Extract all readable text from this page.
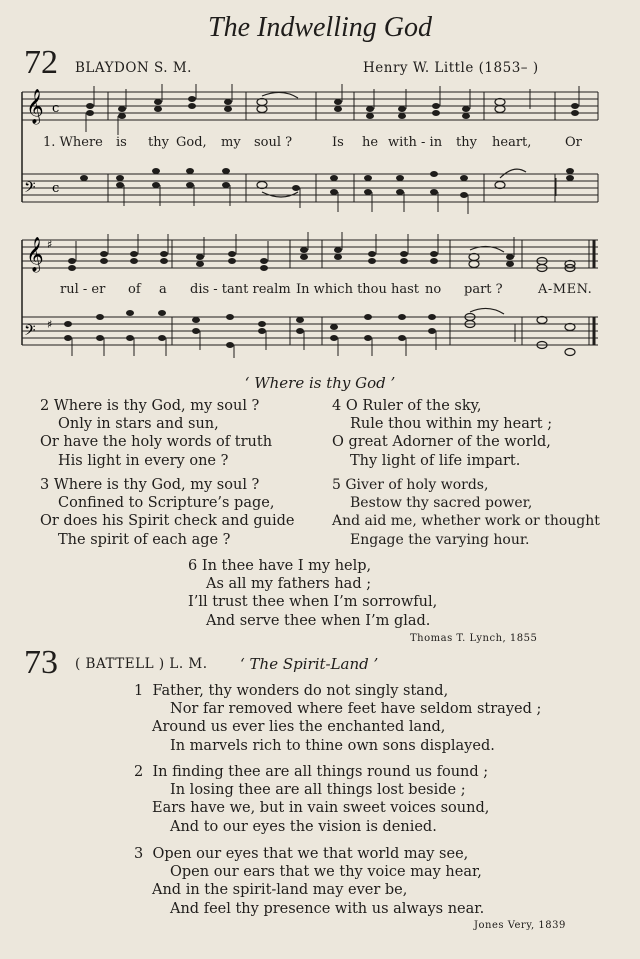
The Indwelling God
72 BLAYDON S. M.	Henry W. Little (1853– )
𝄞 c
𝄢 c
1. Where is thy God, my soul ?	Is he with - in thy heart,	Or
𝄞 ♯
𝄢 ♯
rul - er of a dis - tant realm In which thou hast no part ?	A-MEN.
‘ Where is thy God ’
2 Where is thy God, my soul ?
Only in stars and sun,
Or have the holy words of truth
His light in every one ?
3 Where is thy God, my soul ?
Confined to Scripture’s page,
Or does his Spirit check and guide
The spirit of each age ?
4 O Ruler of the sky,
Rule thou within my heart ;
O great Adorner of the world,
Thy light of life impart.
5 Giver of holy words,
Bestow thy sacred power,
And aid me, whether work or thought
Engage the varying hour.
6 In thee have I my help,
As all my fathers had ;
I’ll trust thee when I’m sorrowful,
And serve thee when I’m glad.
Thomas T. Lynch, 1855
73 ( BATTELL ) L. M. ‘ The Spirit-Land ’
1 Father, thy wonders do not singly stand,
Nor far removed where feet have seldom strayed ;
Around us ever lies the enchanted land,
In marvels rich to thine own sons displayed.
2 In finding thee are all things round us found ;
In losing thee are all things lost beside ;
Ears have we, but in vain sweet voices sound,
And to our eyes the vision is denied.
3 Open our eyes that we that world may see,
Open our ears that we thy voice may hear,
And in the spirit-land may ever be,
And feel thy presence with us always near.
Jones Very, 1839
